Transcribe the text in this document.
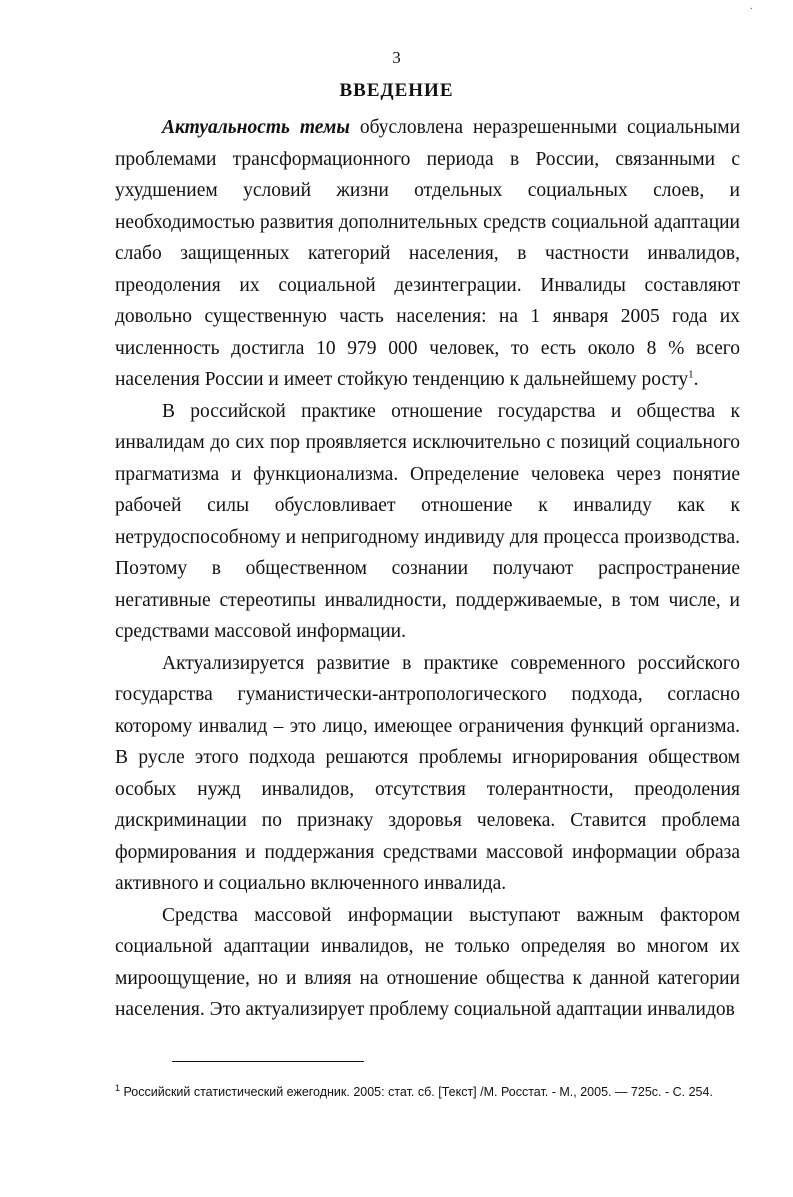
·
3
ВВЕДЕНИЕ

Актуальность темы обусловлена неразрешенными социальными проблемами трансформационного периода в России, связанными с ухудшением условий жизни отдельных социальных слоев, и необходимостью развития дополнительных средств социальной адаптации слабо защищенных категорий населения, в частности инвалидов, преодоления их социальной дезинтеграции. Инвалиды составляют довольно существенную часть населения: на 1 января 2005 года их численность достигла 10 979 000 человек, то есть около 8 % всего населения России и имеет стойкую тенденцию к дальнейшему росту$^1$.

В российской практике отношение государства и общества к инвалидам до сих пор проявляется исключительно с позиций социального прагматизма и функционализма. Определение человека через понятие рабочей силы обусловливает отношение к инвалиду как к нетрудоспособному и непригодному индивиду для процесса производства. Поэтому в общественном сознании получают распространение негативные стереотипы инвалидности, поддерживаемые, в том числе, и средствами массовой информации.

Актуализируется развитие в практике современного российского государства гуманистически-антропологического подхода, согласно которому инвалид – это лицо, имеющее ограничения функций организма. В русле этого подхода решаются проблемы игнорирования обществом особых нужд инвалидов, отсутствия толерантности, преодоления дискриминации по признаку здоровья человека. Ставится проблема формирования и поддержания средствами массовой информации образа активного и социально включенного инвалида.

Средства массовой информации выступают важным фактором социальной адаптации инвалидов, не только определяя во многом их мироощущение, но и влияя на отношение общества к данной категории населения. Это актуализирует проблему социальной адаптации инвалидов

$^1$ Российский статистический ежегодник. 2005: стат. сб. [Текст] /М. Росстат. - М., 2005. — 725с. - С. 254.
